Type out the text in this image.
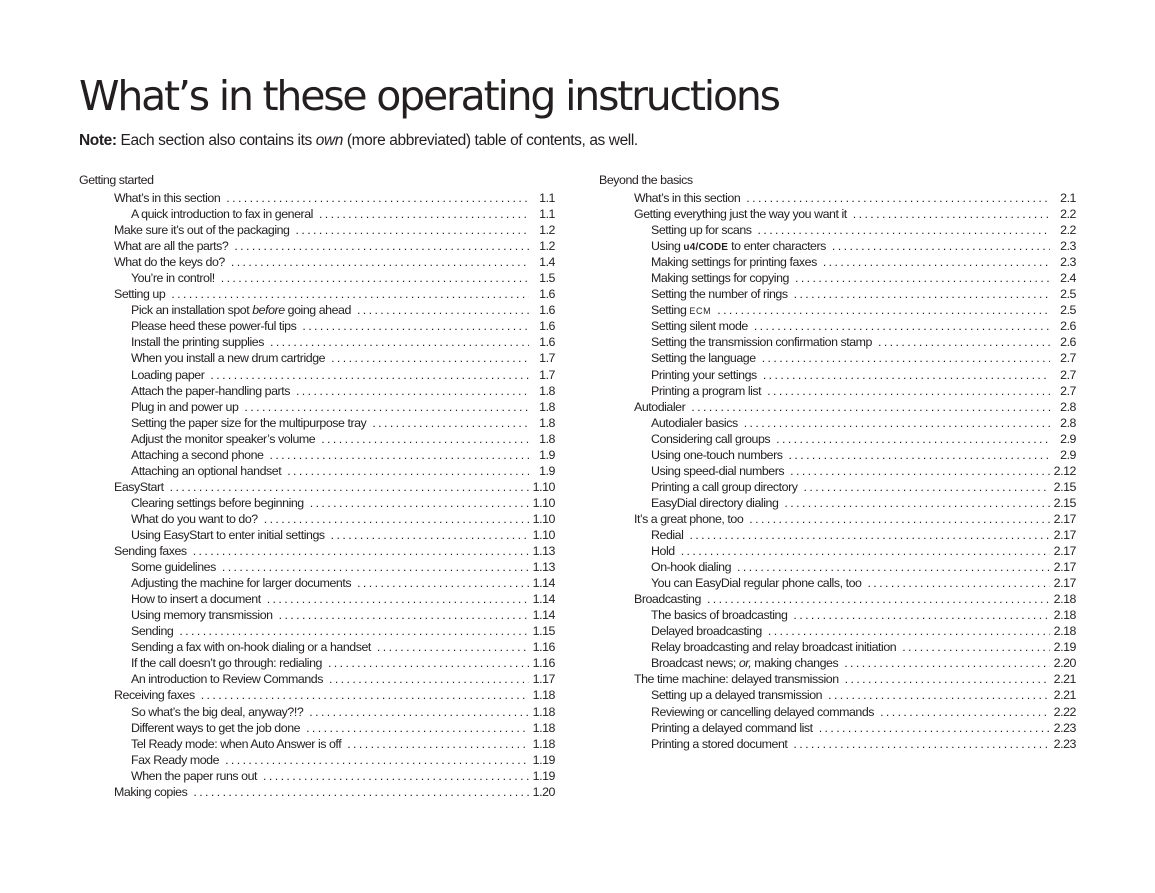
What’s in these operating instructions
Note: Each section also contains its own (more abbreviated) table of contents, as well.
Getting started
What’s in this section .....	1.1
A quick introduction to fax in general .....	1.1
Make sure it’s out of the packaging .....	1.2
What are all the parts? .....	1.2
What do the keys do? .....	1.4
You’re in control! .....	1.5
Setting up .....	1.6
Pick an installation spot before going ahead .....	1.6
Please heed these power-ful tips .....	1.6
Install the printing supplies .....	1.6
When you install a new drum cartridge .....	1.7
Loading paper .....	1.7
Attach the paper-handling parts .....	1.8
Plug in and power up .....	1.8
Setting the paper size for the multipurpose tray .....	1.8
Adjust the monitor speaker’s volume .....	1.8
Attaching a second phone .....	1.9
Attaching an optional handset .....	1.9
EasyStart .....	1.10
Clearing settings before beginning .....	1.10
What do you want to do? .....	1.10
Using EasyStart to enter initial settings .....	1.10
Sending faxes .....	1.13
Some guidelines .....	1.13
Adjusting the machine for larger documents .....	1.14
How to insert a document .....	1.14
Using memory transmission .....	1.14
Sending .....	1.15
Sending a fax with on-hook dialing or a handset .....	1.16
If the call doesn’t go through: redialing .....	1.16
An introduction to Review Commands .....	1.17
Receiving faxes .....	1.18
So what’s the big deal, anyway?!? .....	1.18
Different ways to get the job done .....	1.18
Tel Ready mode: when Auto Answer is off .....	1.18
Fax Ready mode .....	1.19
When the paper runs out .....	1.19
Making copies .....	1.20
Beyond the basics
What’s in this section .....	2.1
Getting everything just the way you want it .....	2.2
Setting up for scans .....	2.2
Using u4/CODE to enter characters .....	2.3
Making settings for printing faxes .....	2.3
Making settings for copying .....	2.4
Setting the number of rings .....	2.5
Setting ECM .....	2.5
Setting silent mode .....	2.6
Setting the transmission confirmation stamp .....	2.6
Setting the language .....	2.7
Printing your settings .....	2.7
Printing a program list .....	2.7
Autodialer .....	2.8
Autodialer basics .....	2.8
Considering call groups .....	2.9
Using one-touch numbers .....	2.9
Using speed-dial numbers .....	2.12
Printing a call group directory .....	2.15
EasyDial directory dialing .....	2.15
It’s a great phone, too .....	2.17
Redial .....	2.17
Hold .....	2.17
On-hook dialing .....	2.17
You can EasyDial regular phone calls, too .....	2.17
Broadcasting .....	2.18
The basics of broadcasting .....	2.18
Delayed broadcasting .....	2.18
Relay broadcasting and relay broadcast initiation .....	2.19
Broadcast news; or, making changes .....	2.20
The time machine: delayed transmission .....	2.21
Setting up a delayed transmission .....	2.21
Reviewing or cancelling delayed commands .....	2.22
Printing a delayed command list .....	2.23
Printing a stored document .....	2.23
